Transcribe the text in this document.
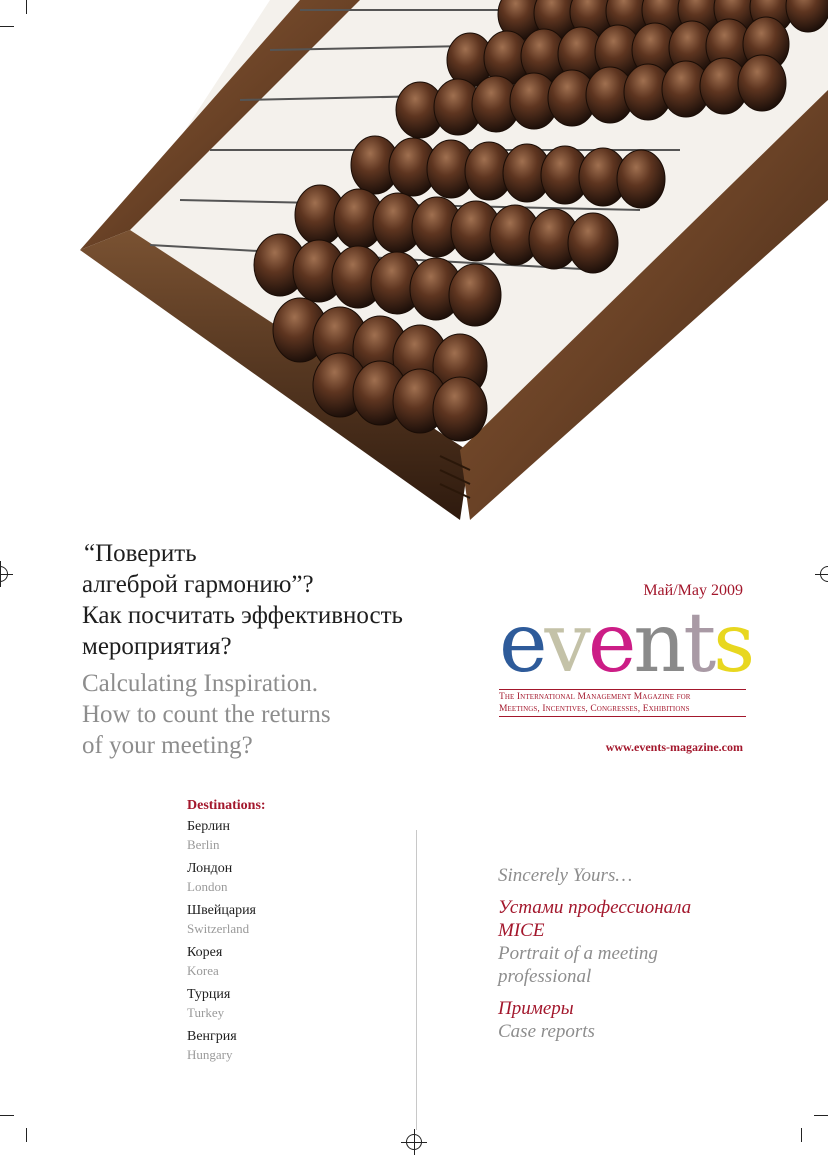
“Поверить
алгеброй гармонию”?
Как посчитать эффективность
мероприятия?
Calculating Inspiration.
How to count the returns
of your meeting?
Май/May 2009
events
The International Management Magazine for
Meetings, Incentives, Congresses, Exhibitions
www.events-magazine.com
Destinations:
Берлин
Berlin
Лондон
London
Швейцария
Switzerland
Корея
Korea
Турция
Turkey
Венгрия
Hungary
Sincerely Yours…
Устами профессионала
MICE
Portrait of a meeting
professional
Примеры
Case reports
